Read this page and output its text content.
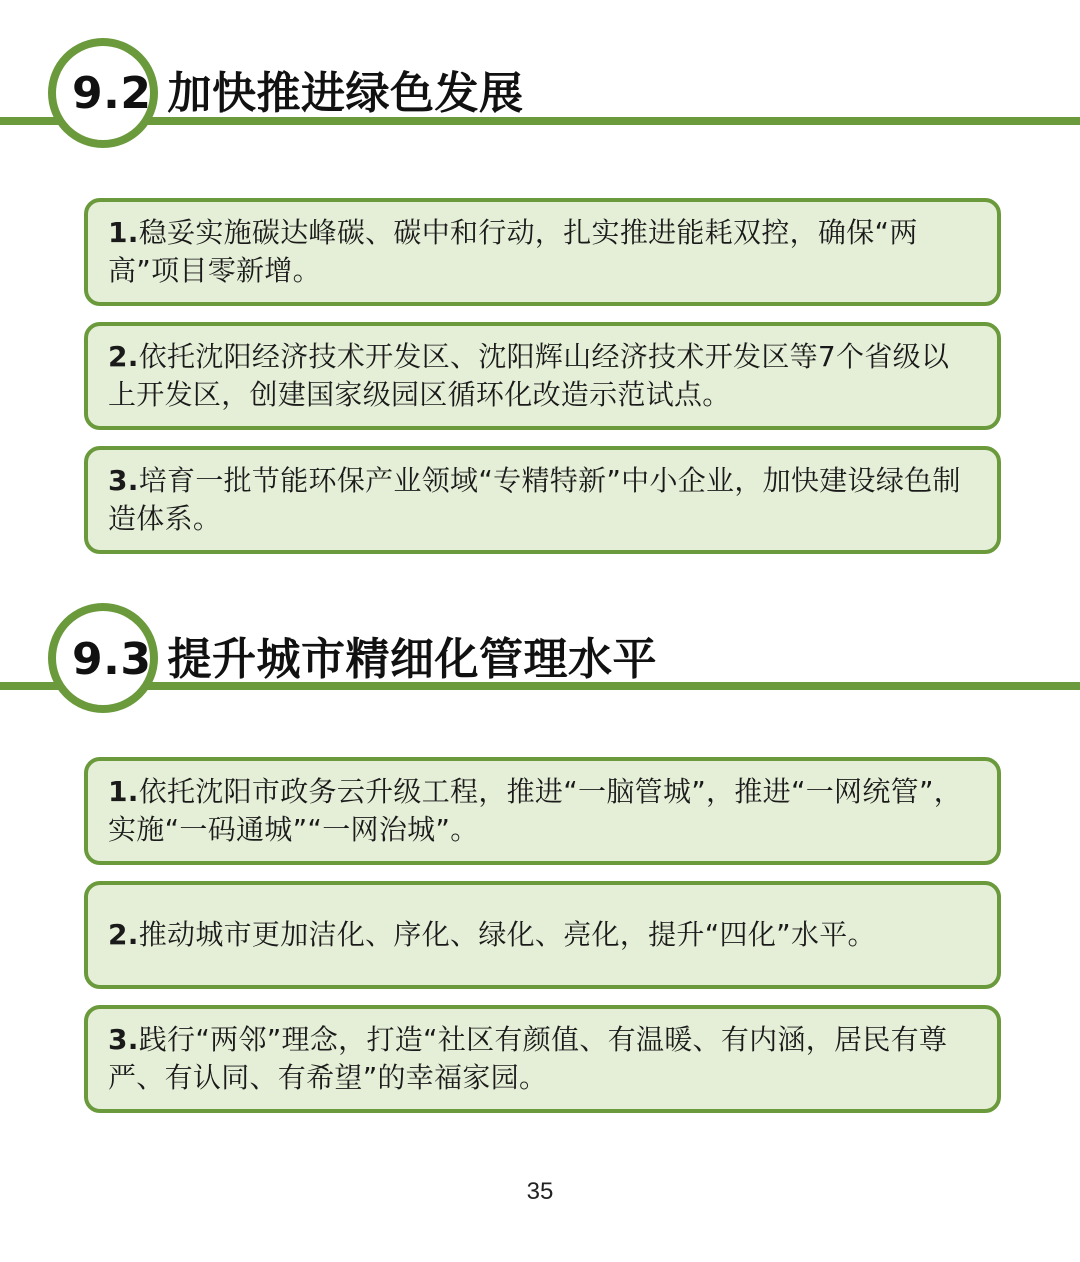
9.2 加快推进绿色发展
1.稳妥实施碳达峰碳、碳中和行动，扎实推进能耗双控，确保“两高”项目零新增。
2.依托沈阳经济技术开发区、沈阳辉山经济技术开发区等7个省级以上开发区，创建国家级园区循环化改造示范试点。
3.培育一批节能环保产业领域“专精特新”中小企业，加快建设绿色制造体系。
9.3 提升城市精细化管理水平
1.依托沈阳市政务云升级工程，推进“一脑管城”，推进“一网统管”，实施“一码通城”“一网治城”。
2.推动城市更加洁化、序化、绿化、亮化，提升“四化”水平。
3.践行“两邻”理念，打造“社区有颜值、有温暖、有内涵，居民有尊严、有认同、有希望”的幸福家园。
35
